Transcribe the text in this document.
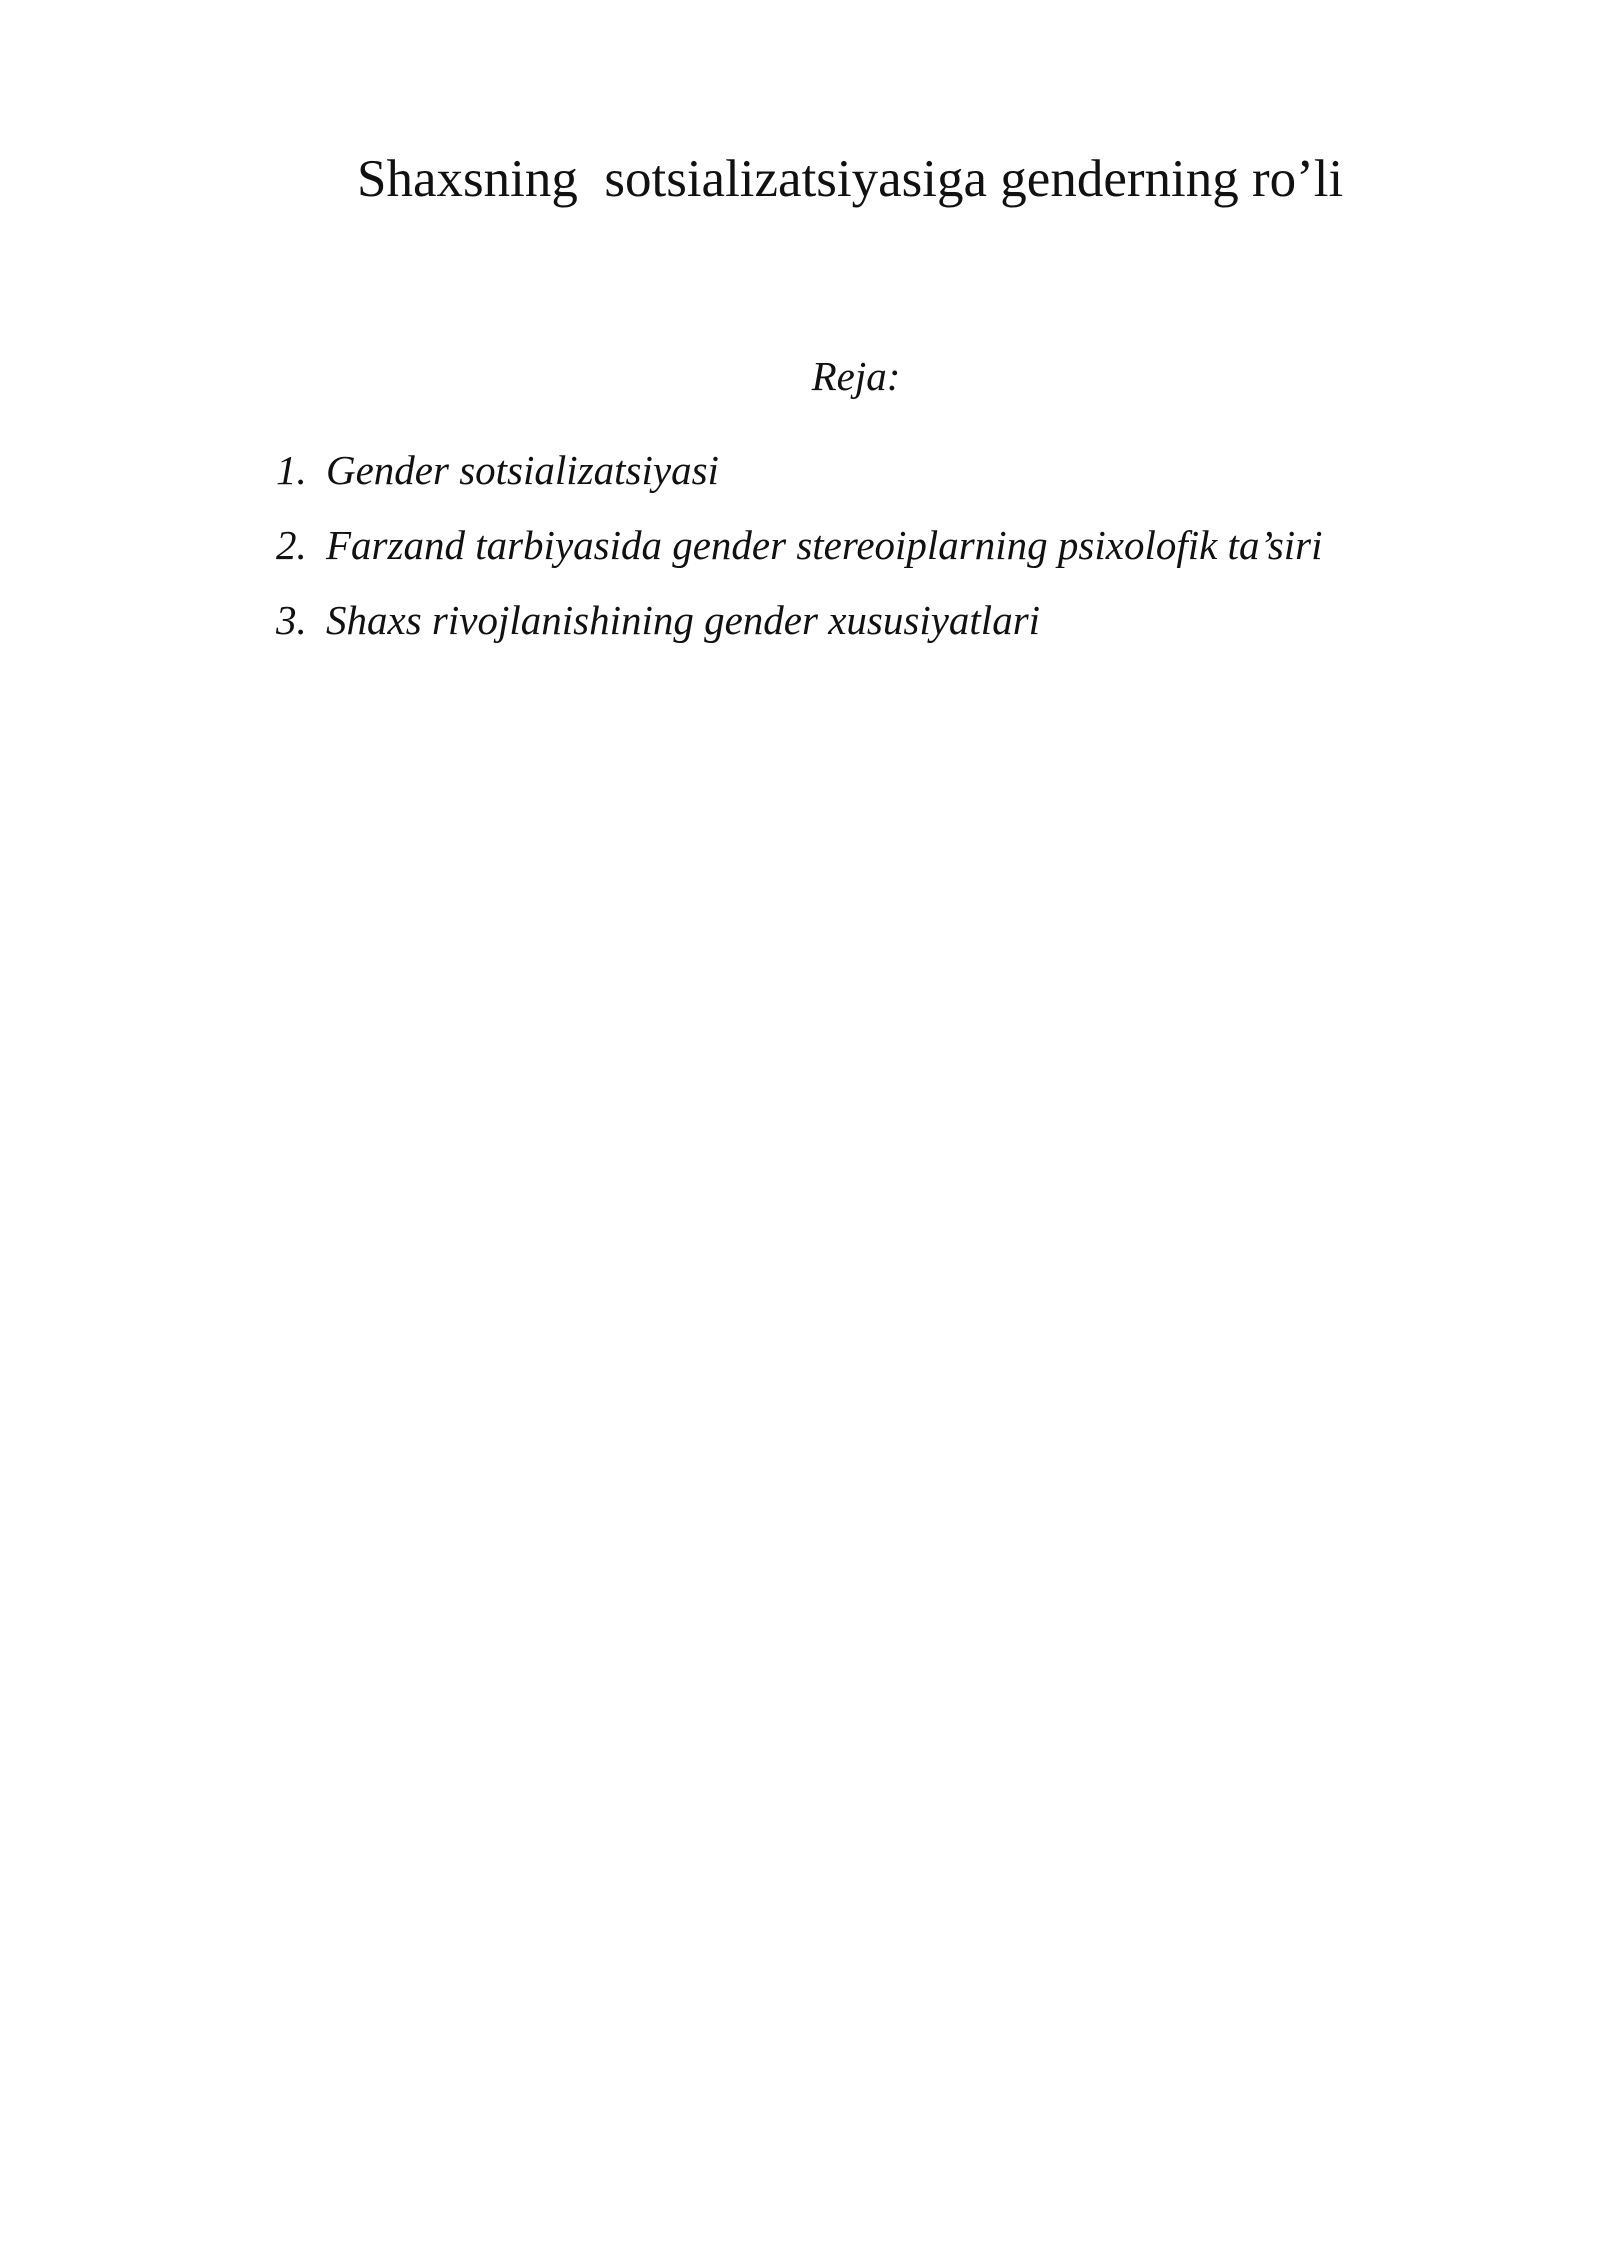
Shaxsning  sotsializatsiyasiga genderning ro’li
Reja:
1. Gender sotsializatsiyasi
2. Farzand tarbiyasida gender stereoiplarning psixolofik ta’siri
3. Shaxs rivojlanishining gender xususiyatlari
